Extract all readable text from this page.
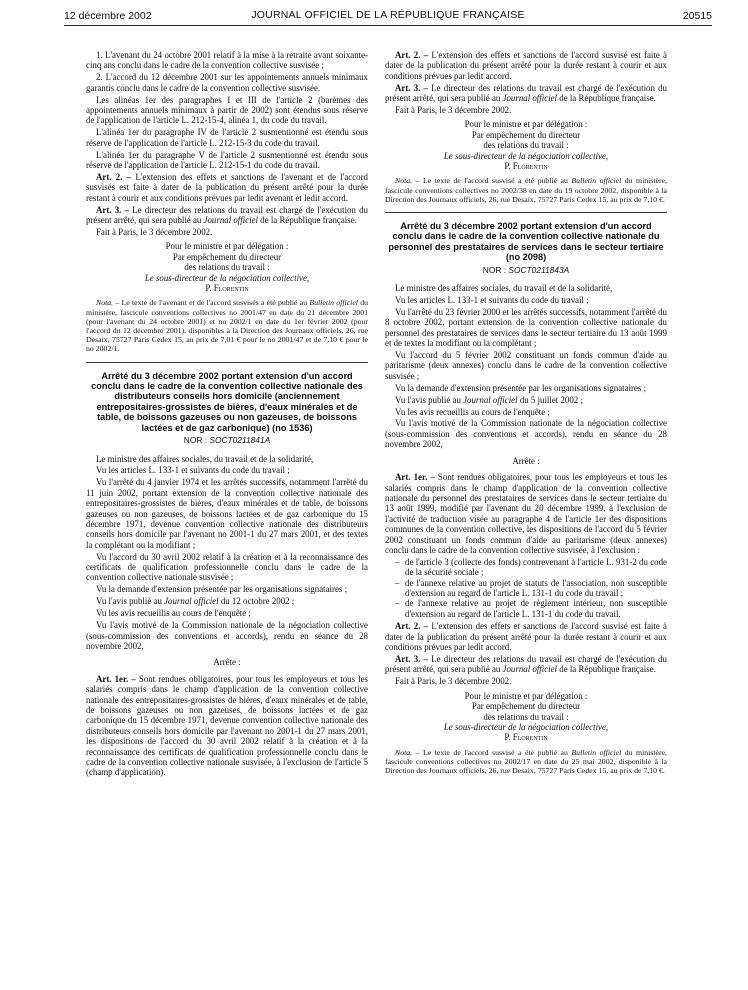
12 décembre 2002	JOURNAL OFFICIEL DE LA RÉPUBLIQUE FRANÇAISE	20515

1. L'avenant du 24 octobre 2001 relatif à la mise à la retraite avant soixante-cinq ans conclu dans le cadre de la convention collective susvisée ;

2. L'accord du 12 décembre 2001 sur les appointements annuels minimaux garantis conclu dans le cadre de la convention collective susvisée.

Les alinéas 1er des paragraphes I et III de l'article 2 (barèmes des appointements annuels minimaux à partir de 2002) sont étendus sous réserve de l'application de l'article L. 212-15-4, alinéa 1, du code du travail.

L'alinéa 1er du paragraphe IV de l'article 2 susmentionné est étendu sous réserve de l'application de l'article L. 212-15-3 du code du travail.

L'alinéa 1er du paragraphe V de l'article 2 susmentionné est étendu sous réserve de l'application de l'article L. 212-15-1 du code du travail.

Art. 2. – L'extension des effets et sanctions de l'avenant et de l'accord susvisés est faite à dater de la publication du présent arrêté pour la durée restant à courir et aux conditions prévues par ledit avenant et ledit accord.

Art. 3. – Le directeur des relations du travail est chargé de l'exécution du présent arrêté, qui sera publié au Journal officiel de la République française.

Fait à Paris, le 3 décembre 2002.

Pour le ministre et par délégation :
Par empêchement du directeur
des relations du travail :
Le sous-directeur de la négociation collective,
P. Florentin

Nota. – Le texte de l'avenant et de l'accord susvisés a été publié au Bulletin officiel du ministère, fascicule conventions collectives no 2001/47 en date du 21 décembre 2001 (pour l'avenant du 24 octobre 2001) et no 2002/1 en date du 1er février 2002 (pour l'accord du 12 décembre 2001), disponibles à la Direction des Journaux officiels, 26, rue Desaix, 75727 Paris Cedex 15, au prix de 7,01 € pour le no 2001/47 et de 7,10 € pour le no 2002/1.

Arrêté du 3 décembre 2002 portant extension d'un accord conclu dans le cadre de la convention collective nationale des distributeurs conseils hors domicile (anciennement entrepositaires-grossistes de bières, d'eaux minérales et de table, de boissons gazeuses ou non gazeuses, de boissons lactées et de gaz carbonique) (no 1536)
NOR : SOCT0211841A

Le ministre des affaires sociales, du travail et de la solidarité,

Vu les articles L. 133-1 et suivants du code du travail ;

Vu l'arrêté du 4 janvier 1974 et les arrêtés successifs, notamment l'arrêté du 11 juin 2002, portant extension de la convention collective nationale des entrepositaires-grossistes de bières, d'eaux minérales et de table, de boissons gazeuses ou non gazeuses, de boissons lactées et de gaz carbonique du 15 décembre 1971, devenue convention collective nationale des distributeurs conseils hors domicile par l'avenant no 2001-1 du 27 mars 2001, et des textes la complétant ou la modifiant ;

Vu l'accord du 30 avril 2002 relatif à la création et à la reconnaissance des certificats de qualification professionnelle conclu dans le cadre de la convention collective nationale susvisée ;

Vu la demande d'extension présentée par les organisations signataires ;

Vu l'avis publié au Journal officiel du 12 octobre 2002 ;

Vu les avis recueillis au cours de l'enquête ;

Vu l'avis motivé de la Commission nationale de la négociation collective (sous-commission des conventions et accords), rendu en séance du 28 novembre 2002,

Arrête :

Art. 1er. – Sont rendues obligatoires, pour tous les employeurs et tous les salariés compris dans le champ d'application de la convention collective nationale des entrepositaires-grossistes de bières, d'eaux minérales et de table, de boissons gazeuses ou non gazeuses, de boissons lactées et de gaz carbonique du 15 décembre 1971, devenue convention collective nationale des distributeurs conseils hors domicile par l'avenant no 2001-1 du 27 mars 2001, les dispositions de l'accord du 30 avril 2002 relatif à la création et à la reconnaissance des certificats de qualification professionnelle conclu dans le cadre de la convention collective nationale susvisée, à l'exclusion de l'article 5 (champ d'application).

Art. 2. – L'extension des effets et sanctions de l'accord susvisé est faite à dater de la publication du présent arrêté pour la durée restant à courir et aux conditions prévues par ledit accord.

Art. 3. – Le directeur des relations du travail est chargé de l'exécution du présent arrêté, qui sera publié au Journal officiel de la République française.

Fait à Paris, le 3 décembre 2002.

Pour le ministre et par délégation :
Par empêchement du directeur
des relations du travail :
Le sous-directeur de la négociation collective,
P. Florentin

Nota. – Le texte de l'accord susvisé a été publié au Bulletin officiel du ministère, fascicule conventions collectives no 2002/38 en date du 19 octobre 2002, disponible à la Direction des Journaux officiels, 26, rue Desaix, 75727 Paris Cedex 15, au prix de 7,10 €.

Arrêté du 3 décembre 2002 portant extension d'un accord conclu dans le cadre de la convention collective nationale du personnel des prestataires de services dans le secteur tertiaire (no 2098)
NOR : SOCT0211843A

Le ministre des affaires sociales, du travail et de la solidarité,

Vu les articles L. 133-1 et suivants du code du travail ;

Vu l'arrêté du 23 février 2000 et les arrêtés successifs, notamment l'arrêté du 8 octobre 2002, portant extension de la convention collective nationale du personnel des prestataires de services dans le secteur tertiaire du 13 août 1999 et de textes la modifiant ou la complétant ;

Vu l'accord du 5 février 2002 constituant un fonds commun d'aide au paritarisme (deux annexes) conclu dans le cadre de la convention collective susvisée ;

Vu la demande d'extension présentée par les organisations signataires ;

Vu l'avis publié au Journal officiel du 5 juillet 2002 ;

Vu les avis recueillis au cours de l'enquête ;

Vu l'avis motivé de la Commission nationale de la négociation collective (sous-commission des conventions et accords), rendu en séance du 28 novembre 2002,

Arrête :

Art. 1er. – Sont rendues obligatoires, pour tous les employeurs et tous les salariés compris dans le champ d'application de la convention collective nationale du personnel des prestataires de services dans le secteur tertiaire du 13 août 1999, modifié par l'avenant du 20 décembre 1999, à l'exclusion de l'activité de traduction visée au paragraphe 4 de l'article 1er des dispositions communes de la convention collective, les dispositions de l'accord du 5 février 2002 constituant un fonds commun d'aide au paritarisme (deux annexes) conclu dans le cadre de la convention collective susvisée, à l'exclusion :

– de l'article 3 (collecte des fonds) contrevenant à l'article L. 931-2 du code de la sécurité sociale ;
– de l'annexe relative au projet de statuts de l'association, non susceptible d'extension au regard de l'article L. 131-1 du code du travail ;
– de l'annexe relative au projet de règlement intérieur, non susceptible d'extension au regard de l'article L. 131-1 du code du travail.

Art. 2. – L'extension des effets et sanctions de l'accord susvisé est faite à dater de la publication du présent arrêté pour la durée restant à courir et aux conditions prévues par ledit accord.

Art. 3. – Le directeur des relations du travail est chargé de l'exécution du présent arrêté, qui sera publié au Journal officiel de la République française.

Fait à Paris, le 3 décembre 2002.

Pour le ministre et par délégation :
Par empêchement du directeur
des relations du travail :
Le sous-directeur de la négociation collective,
P. Florentin

Nota. – Le texte de l'accord susvisé a été publié au Bulletin officiel du ministère, fascicule conventions collectives no 2002/17 en date du 25 mai 2002, disponible à la Direction des Journaux officiels, 26, rue Desaix, 75727 Paris Cedex 15, au prix de 7,10 €.
